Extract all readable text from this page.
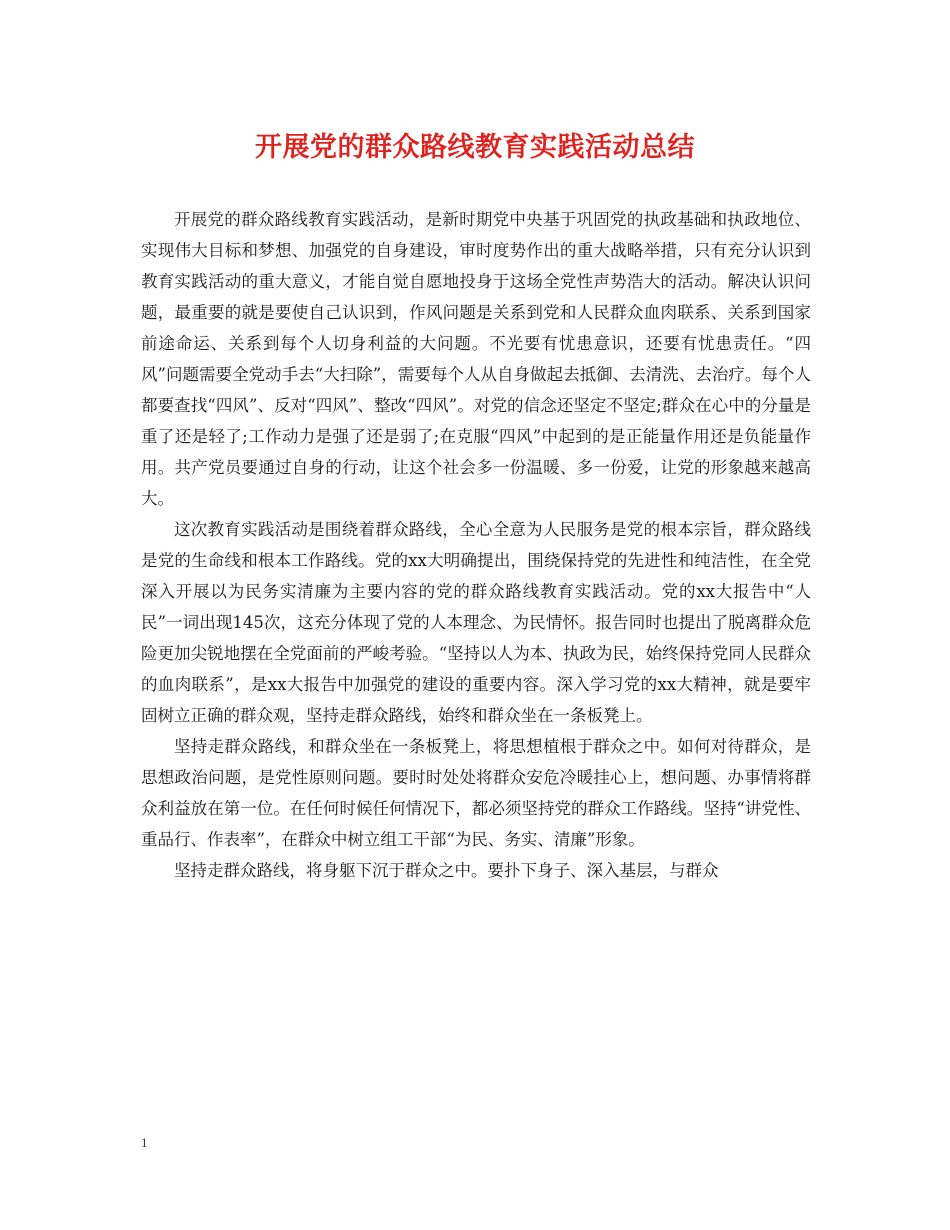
开展党的群众路线教育实践活动总结

开展党的群众路线教育实践活动，是新时期党中央基于巩固党的执政基础和执政地位、实现伟大目标和梦想、加强党的自身建设，审时度势作出的重大战略举措，只有充分认识到教育实践活动的重大意义，才能自觉自愿地投身于这场全党性声势浩大的活动。解决认识问题，最重要的就是要使自己认识到，作风问题是关系到党和人民群众血肉联系、关系到国家前途命运、关系到每个人切身利益的大问题。不光要有忧患意识，还要有忧患责任。“四风”问题需要全党动手去“大扫除”，需要每个人从自身做起去抵御、去清洗、去治疗。每个人都要查找“四风”、反对“四风”、整改“四风”。对党的信念还坚定不坚定;群众在心中的分量是重了还是轻了;工作动力是强了还是弱了;在克服“四风”中起到的是正能量作用还是负能量作用。共产党员要通过自身的行动，让这个社会多一份温暖、多一份爱，让党的形象越来越高大。

这次教育实践活动是围绕着群众路线，全心全意为人民服务是党的根本宗旨，群众路线是党的生命线和根本工作路线。党的xx大明确提出，围绕保持党的先进性和纯洁性，在全党深入开展以为民务实清廉为主要内容的党的群众路线教育实践活动。党的xx大报告中“人民”一词出现145次，这充分体现了党的人本理念、为民情怀。报告同时也提出了脱离群众危险更加尖锐地摆在全党面前的严峻考验。“坚持以人为本、执政为民，始终保持党同人民群众的血肉联系”，是xx大报告中加强党的建设的重要内容。深入学习党的xx大精神，就是要牢固树立正确的群众观，坚持走群众路线，始终和群众坐在一条板凳上。

坚持走群众路线，和群众坐在一条板凳上，将思想植根于群众之中。如何对待群众，是思想政治问题，是党性原则问题。要时时处处将群众安危冷暖挂心上，想问题、办事情将群众利益放在第一位。在任何时候任何情况下，都必须坚持党的群众工作路线。坚持“讲党性、重品行、作表率”，在群众中树立组工干部“为民、务实、清廉”形象。

坚持走群众路线，将身躯下沉于群众之中。要扑下身子、深入基层，与群众

1
